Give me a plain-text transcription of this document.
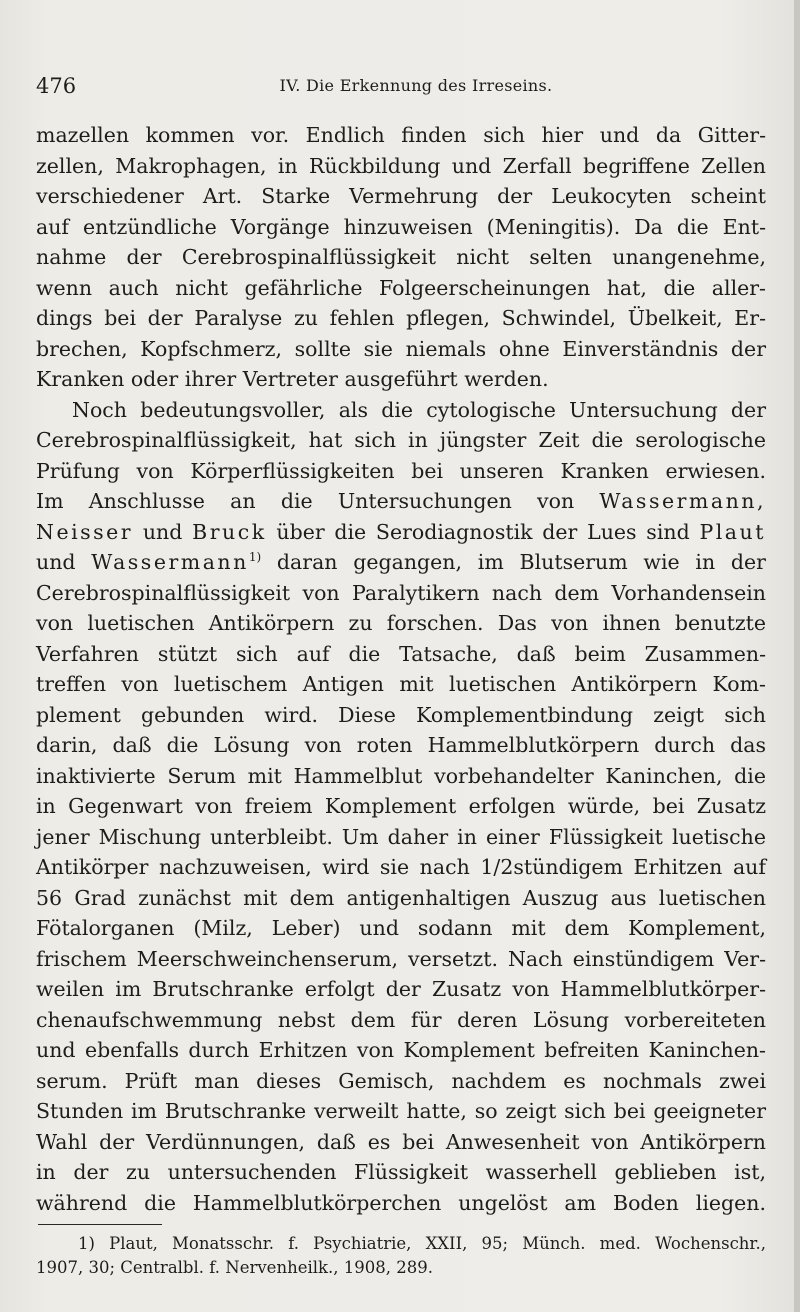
476	IV. Die Erkennung des Irreseins.
mazellen kommen vor. Endlich finden sich hier und da Gitter-
zellen, Makrophagen, in Rückbildung und Zerfall begriffene Zellen
verschiedener Art. Starke Vermehrung der Leukocyten scheint
auf entzündliche Vorgänge hinzuweisen (Meningitis). Da die Ent-
nahme der Cerebrospinalflüssigkeit nicht selten unangenehme,
wenn auch nicht gefährliche Folgeerscheinungen hat, die aller-
dings bei der Paralyse zu fehlen pflegen, Schwindel, Übelkeit, Er-
brechen, Kopfschmerz, sollte sie niemals ohne Einverständnis der
Kranken oder ihrer Vertreter ausgeführt werden.
Noch bedeutungsvoller, als die cytologische Untersuchung der
Cerebrospinalflüssigkeit, hat sich in jüngster Zeit die serologische
Prüfung von Körperflüssigkeiten bei unseren Kranken erwiesen.
Im Anschlusse an die Untersuchungen von Wassermann,
Neisser und Bruck über die Serodiagnostik der Lues sind Plaut
und Wassermann$^{1)}$ daran gegangen, im Blutserum wie in der
Cerebrospinalflüssigkeit von Paralytikern nach dem Vorhandensein
von luetischen Antikörpern zu forschen. Das von ihnen benutzte
Verfahren stützt sich auf die Tatsache, daß beim Zusammen-
treffen von luetischem Antigen mit luetischen Antikörpern Kom-
plement gebunden wird. Diese Komplementbindung zeigt sich
darin, daß die Lösung von roten Hammelblutkörpern durch das
inaktivierte Serum mit Hammelblut vorbehandelter Kaninchen, die
in Gegenwart von freiem Komplement erfolgen würde, bei Zusatz
jener Mischung unterbleibt. Um daher in einer Flüssigkeit luetische
Antikörper nachzuweisen, wird sie nach 1/2stündigem Erhitzen auf
56 Grad zunächst mit dem antigenhaltigen Auszug aus luetischen
Fötalorganen (Milz, Leber) und sodann mit dem Komplement,
frischem Meerschweinchenserum, versetzt. Nach einstündigem Ver-
weilen im Brutschranke erfolgt der Zusatz von Hammelblutkörper-
chenaufschwemmung nebst dem für deren Lösung vorbereiteten
und ebenfalls durch Erhitzen von Komplement befreiten Kaninchen-
serum. Prüft man dieses Gemisch, nachdem es nochmals zwei
Stunden im Brutschranke verweilt hatte, so zeigt sich bei geeigneter
Wahl der Verdünnungen, daß es bei Anwesenheit von Antikörpern
in der zu untersuchenden Flüssigkeit wasserhell geblieben ist,
während die Hammelblutkörperchen ungelöst am Boden liegen.
1) Plaut, Monatsschr. f. Psychiatrie, XXII, 95; Münch. med. Wochenschr.,
1907, 30; Centralbl. f. Nervenheilk., 1908, 289.
